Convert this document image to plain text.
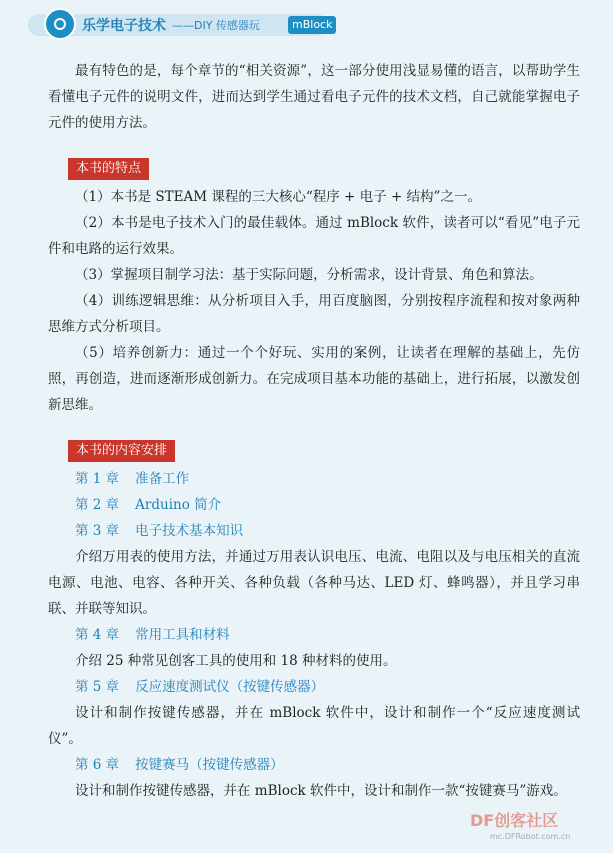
乐学电子技术 ——DIY 传感器玩	mBlock

最有特色的是，每个章节的“相关资源”，这一部分使用浅显易懂的语言，以帮助学生看懂电子元件的说明文件，进而达到学生通过看电子元件的技术文档，自己就能掌握电子元件的使用方法。

本书的特点

（1）本书是 STEAM 课程的三大核心“程序 + 电子 + 结构”之一。

（2）本书是电子技术入门的最佳载体。通过 mBlock 软件，读者可以“看见”电子元件和电路的运行效果。

（3）掌握项目制学习法：基于实际问题，分析需求，设计背景、角色和算法。

（4）训练逻辑思维：从分析项目入手，用百度脑图，分别按程序流程和按对象两种思维方式分析项目。

（5）培养创新力：通过一个个好玩、实用的案例，让读者在理解的基础上，先仿照，再创造，进而逐渐形成创新力。在完成项目基本功能的基础上，进行拓展，以激发创新思维。

本书的内容安排

第 1 章 准备工作

第 2 章 Arduino 简介

第 3 章 电子技术基本知识

介绍万用表的使用方法，并通过万用表认识电压、电流、电阻以及与电压相关的直流电源、电池、电容、各种开关、各种负载（各种马达、LED 灯、蜂鸣器），并且学习串联、并联等知识。

第 4 章 常用工具和材料

介绍 25 种常见创客工具的使用和 18 种材料的使用。

第 5 章 反应速度测试仪（按键传感器）

设计和制作按键传感器，并在 mBlock 软件中，设计和制作一个“反应速度测试仪”。

第 6 章 按键赛马（按键传感器）

设计和制作按键传感器，并在 mBlock 软件中，设计和制作一款“按键赛马”游戏。

DF创客社区
mc.DFRobot.com.cn
